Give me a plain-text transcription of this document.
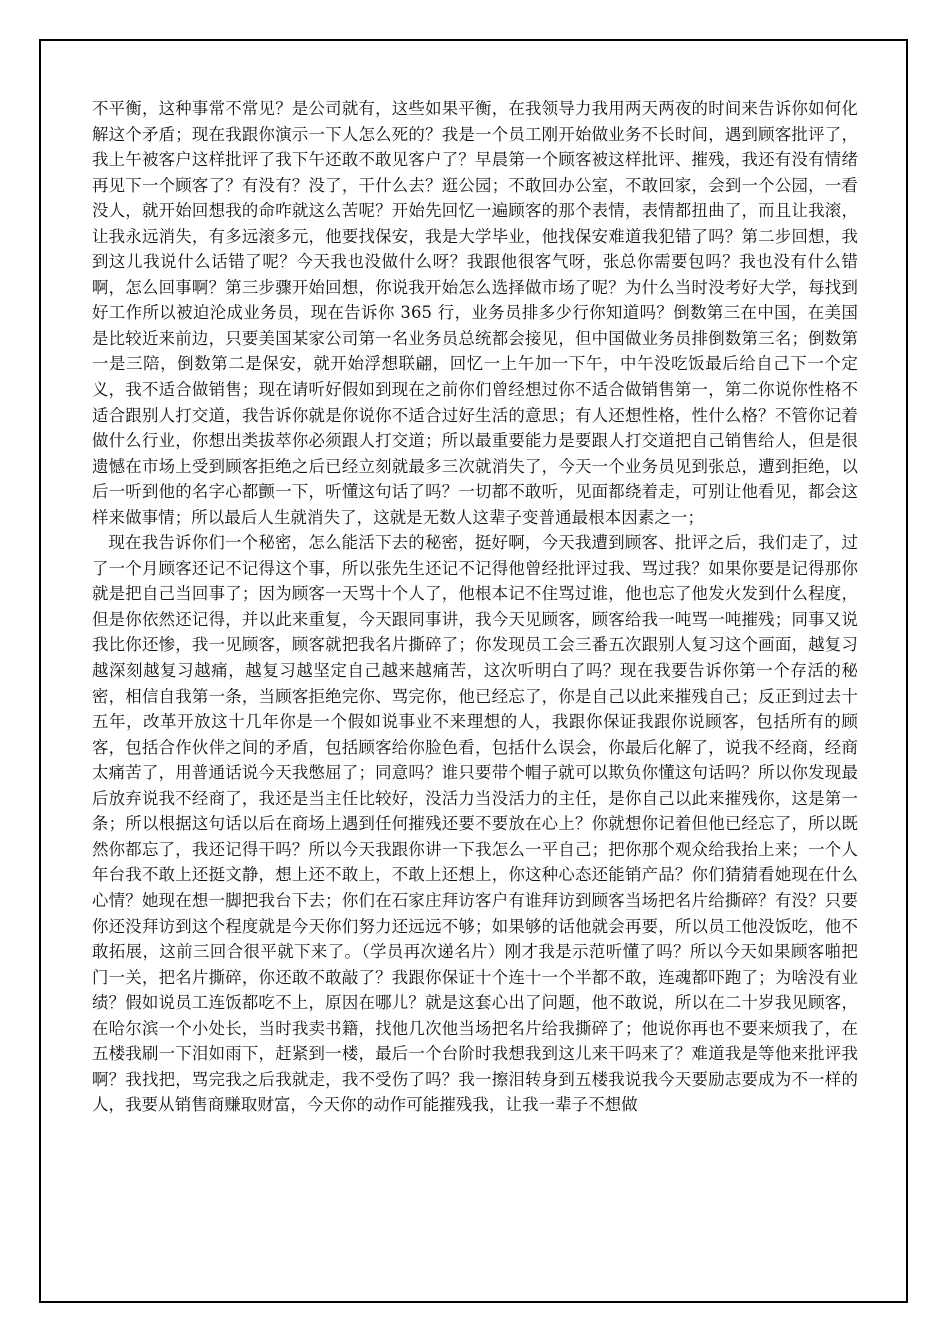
不平衡，这种事常不常见？是公司就有，这些如果平衡，在我领导力我用两天两夜的时间来告诉你如何化解这个矛盾；现在我跟你演示一下人怎么死的？我是一个员工刚开始做业务不长时间，遇到顾客批评了，我上午被客户这样批评了我下午还敢不敢见客户了？早晨第一个顾客被这样批评、摧残，我还有没有情绪再见下一个顾客了？有没有？没了，干什么去？逛公园；不敢回办公室，不敢回家，会到一个公园，一看没人，就开始回想我的命咋就这么苦呢？开始先回忆一遍顾客的那个表情，表情都扭曲了，而且让我滚，让我永远消失，有多远滚多元，他要找保安，我是大学毕业，他找保安难道我犯错了吗？第二步回想，我到这儿我说什么话错了呢？今天我也没做什么呀？我跟他很客气呀，张总你需要包吗？我也没有什么错啊，怎么回事啊？第三步骤开始回想，你说我开始怎么选择做市场了呢？为什么当时没考好大学，每找到好工作所以被迫沦成业务员，现在告诉你 365 行，业务员排多少行你知道吗？倒数第三在中国，在美国是比较近来前边，只要美国某家公司第一名业务员总统都会接见，但中国做业务员排倒数第三名；倒数第一是三陪，倒数第二是保安，就开始浮想联翩，回忆一上午加一下午，中午没吃饭最后给自己下一个定义，我不适合做销售；现在请听好假如到现在之前你们曾经想过你不适合做销售第一，第二你说你性格不适合跟别人打交道，我告诉你就是你说你不适合过好生活的意思；有人还想性格，性什么格？不管你记着做什么行业，你想出类拔萃你必须跟人打交道；所以最重要能力是要跟人打交道把自己销售给人，但是很遗憾在市场上受到顾客拒绝之后已经立刻就最多三次就消失了，今天一个业务员见到张总，遭到拒绝，以后一听到他的名字心都颤一下，听懂这句话了吗？一切都不敢听，见面都绕着走，可别让他看见，都会这样来做事情；所以最后人生就消失了，这就是无数人这辈子变普通最根本因素之一；

现在我告诉你们一个秘密，怎么能活下去的秘密，挺好啊，今天我遭到顾客、批评之后，我们走了，过了一个月顾客还记不记得这个事，所以张先生还记不记得他曾经批评过我、骂过我？如果你要是记得那你就是把自己当回事了；因为顾客一天骂十个人了，他根本记不住骂过谁，他也忘了他发火发到什么程度，但是你依然还记得，并以此来重复，今天跟同事讲，我今天见顾客，顾客给我一吨骂一吨摧残；同事又说我比你还惨，我一见顾客，顾客就把我名片撕碎了；你发现员工会三番五次跟别人复习这个画面，越复习越深刻越复习越痛，越复习越坚定自己越来越痛苦，这次听明白了吗？现在我要告诉你第一个存活的秘密，相信自我第一条，当顾客拒绝完你、骂完你，他已经忘了，你是自己以此来摧残自己；反正到过去十五年，改革开放这十几年你是一个假如说事业不来理想的人，我跟你保证我跟你说顾客，包括所有的顾客，包括合作伙伴之间的矛盾，包括顾客给你脸色看，包括什么误会，你最后化解了，说我不经商，经商太痛苦了，用普通话说今天我憋屈了；同意吗？谁只要带个帽子就可以欺负你懂这句话吗？所以你发现最后放弃说我不经商了，我还是当主任比较好，没活力当没活力的主任，是你自己以此来摧残你，这是第一条；所以根据这句话以后在商场上遇到任何摧残还要不要放在心上？你就想你记着但他已经忘了，所以既然你都忘了，我还记得干吗？所以今天我跟你讲一下我怎么一平自己；把你那个观众给我抬上来；一个人年台我不敢上还挺文静，想上还不敢上，不敢上还想上，你这种心态还能销产品？你们猜猜看她现在什么心情？她现在想一脚把我台下去；你们在石家庄拜访客户有谁拜访到顾客当场把名片给撕碎？有没？只要你还没拜访到这个程度就是今天你们努力还远远不够；如果够的话他就会再要，所以员工他没饭吃，他不敢拓展，这前三回合很平就下来了。（学员再次递名片）刚才我是示范听懂了吗？所以今天如果顾客啪把门一关，把名片撕碎，你还敢不敢敲了？我跟你保证十个连十一个半都不敢，连魂都吓跑了；为啥没有业绩？假如说员工连饭都吃不上，原因在哪儿？就是这套心出了问题，他不敢说，所以在二十岁我见顾客，在哈尔滨一个小处长，当时我卖书籍，找他几次他当场把名片给我撕碎了；他说你再也不要来烦我了，在五楼我刷一下泪如雨下，赶紧到一楼，最后一个台阶时我想我到这儿来干吗来了？难道我是等他来批评我啊？我找把，骂完我之后我就走，我不受伤了吗？我一擦泪转身到五楼我说我今天要励志要成为不一样的人，我要从销售商赚取财富，今天你的动作可能摧残我，让我一辈子不想做
